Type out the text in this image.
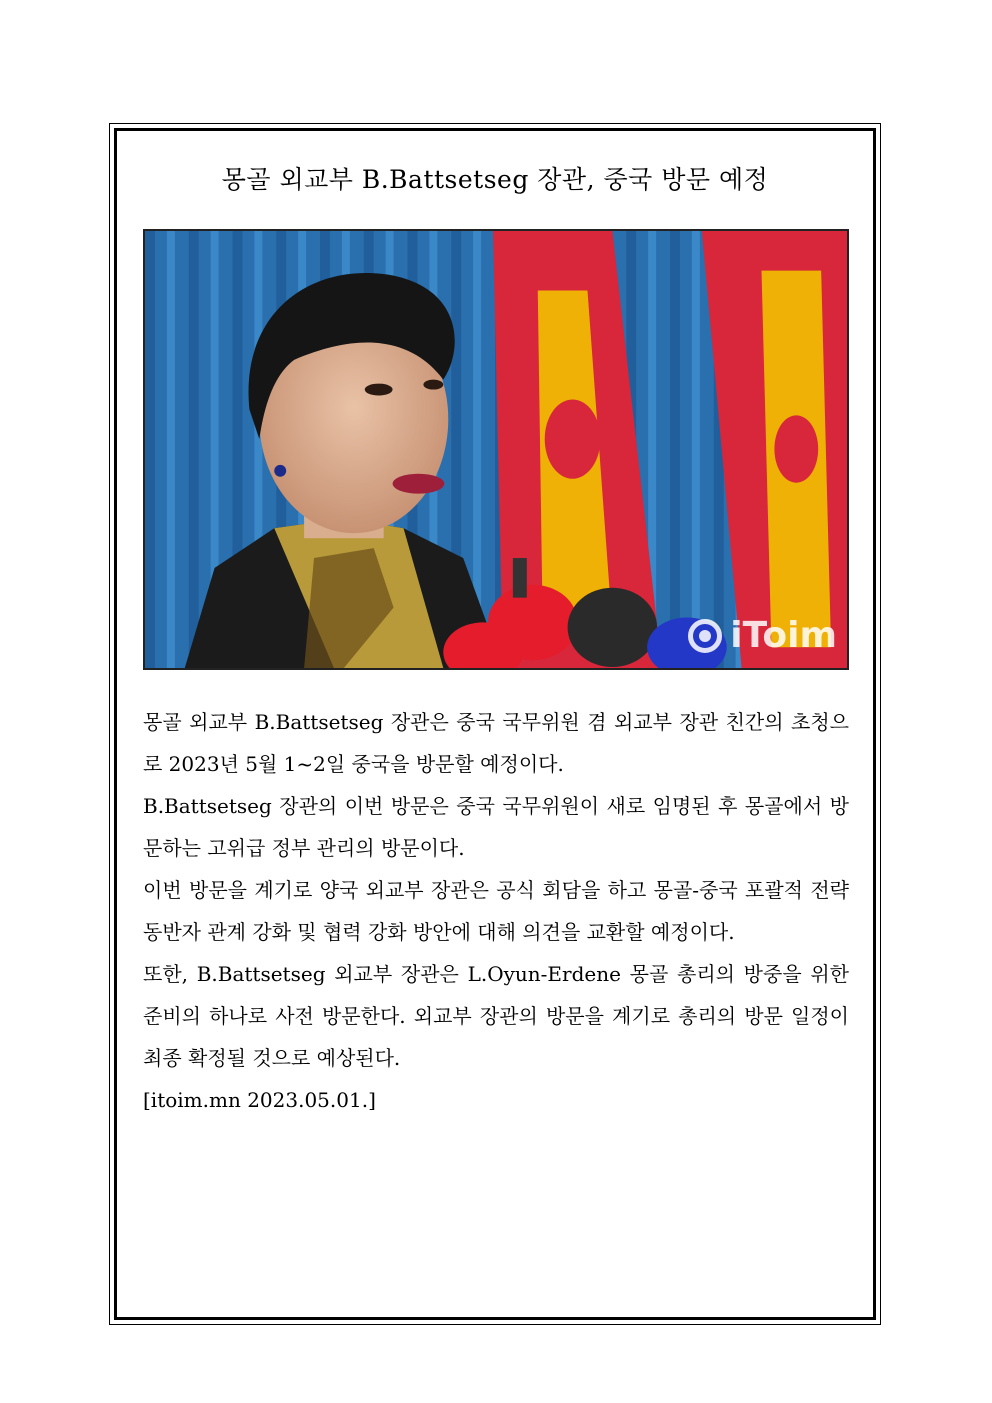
몽골 외교부 B.Battsetseg 장관, 중국 방문 예정
iToim

몽골 외교부 B.Battsetseg 장관은 중국 국무위원 겸 외교부 장관 친간의 초청으로 2023년 5월 1~2일 중국을 방문할 예정이다.

B.Battsetseg 장관의 이번 방문은 중국 국무위원이 새로 임명된 후 몽골에서 방문하는 고위급 정부 관리의 방문이다.

이번 방문을 계기로 양국 외교부 장관은 공식 회담을 하고 몽골-중국 포괄적 전략 동반자 관계 강화 및 협력 강화 방안에 대해 의견을 교환할 예정이다.

또한, B.Battsetseg 외교부 장관은 L.Oyun-Erdene 몽골 총리의 방중을 위한 준비의 하나로 사전 방문한다. 외교부 장관의 방문을 계기로 총리의 방문 일정이 최종 확정될 것으로 예상된다.

[itoim.mn 2023.05.01.]
